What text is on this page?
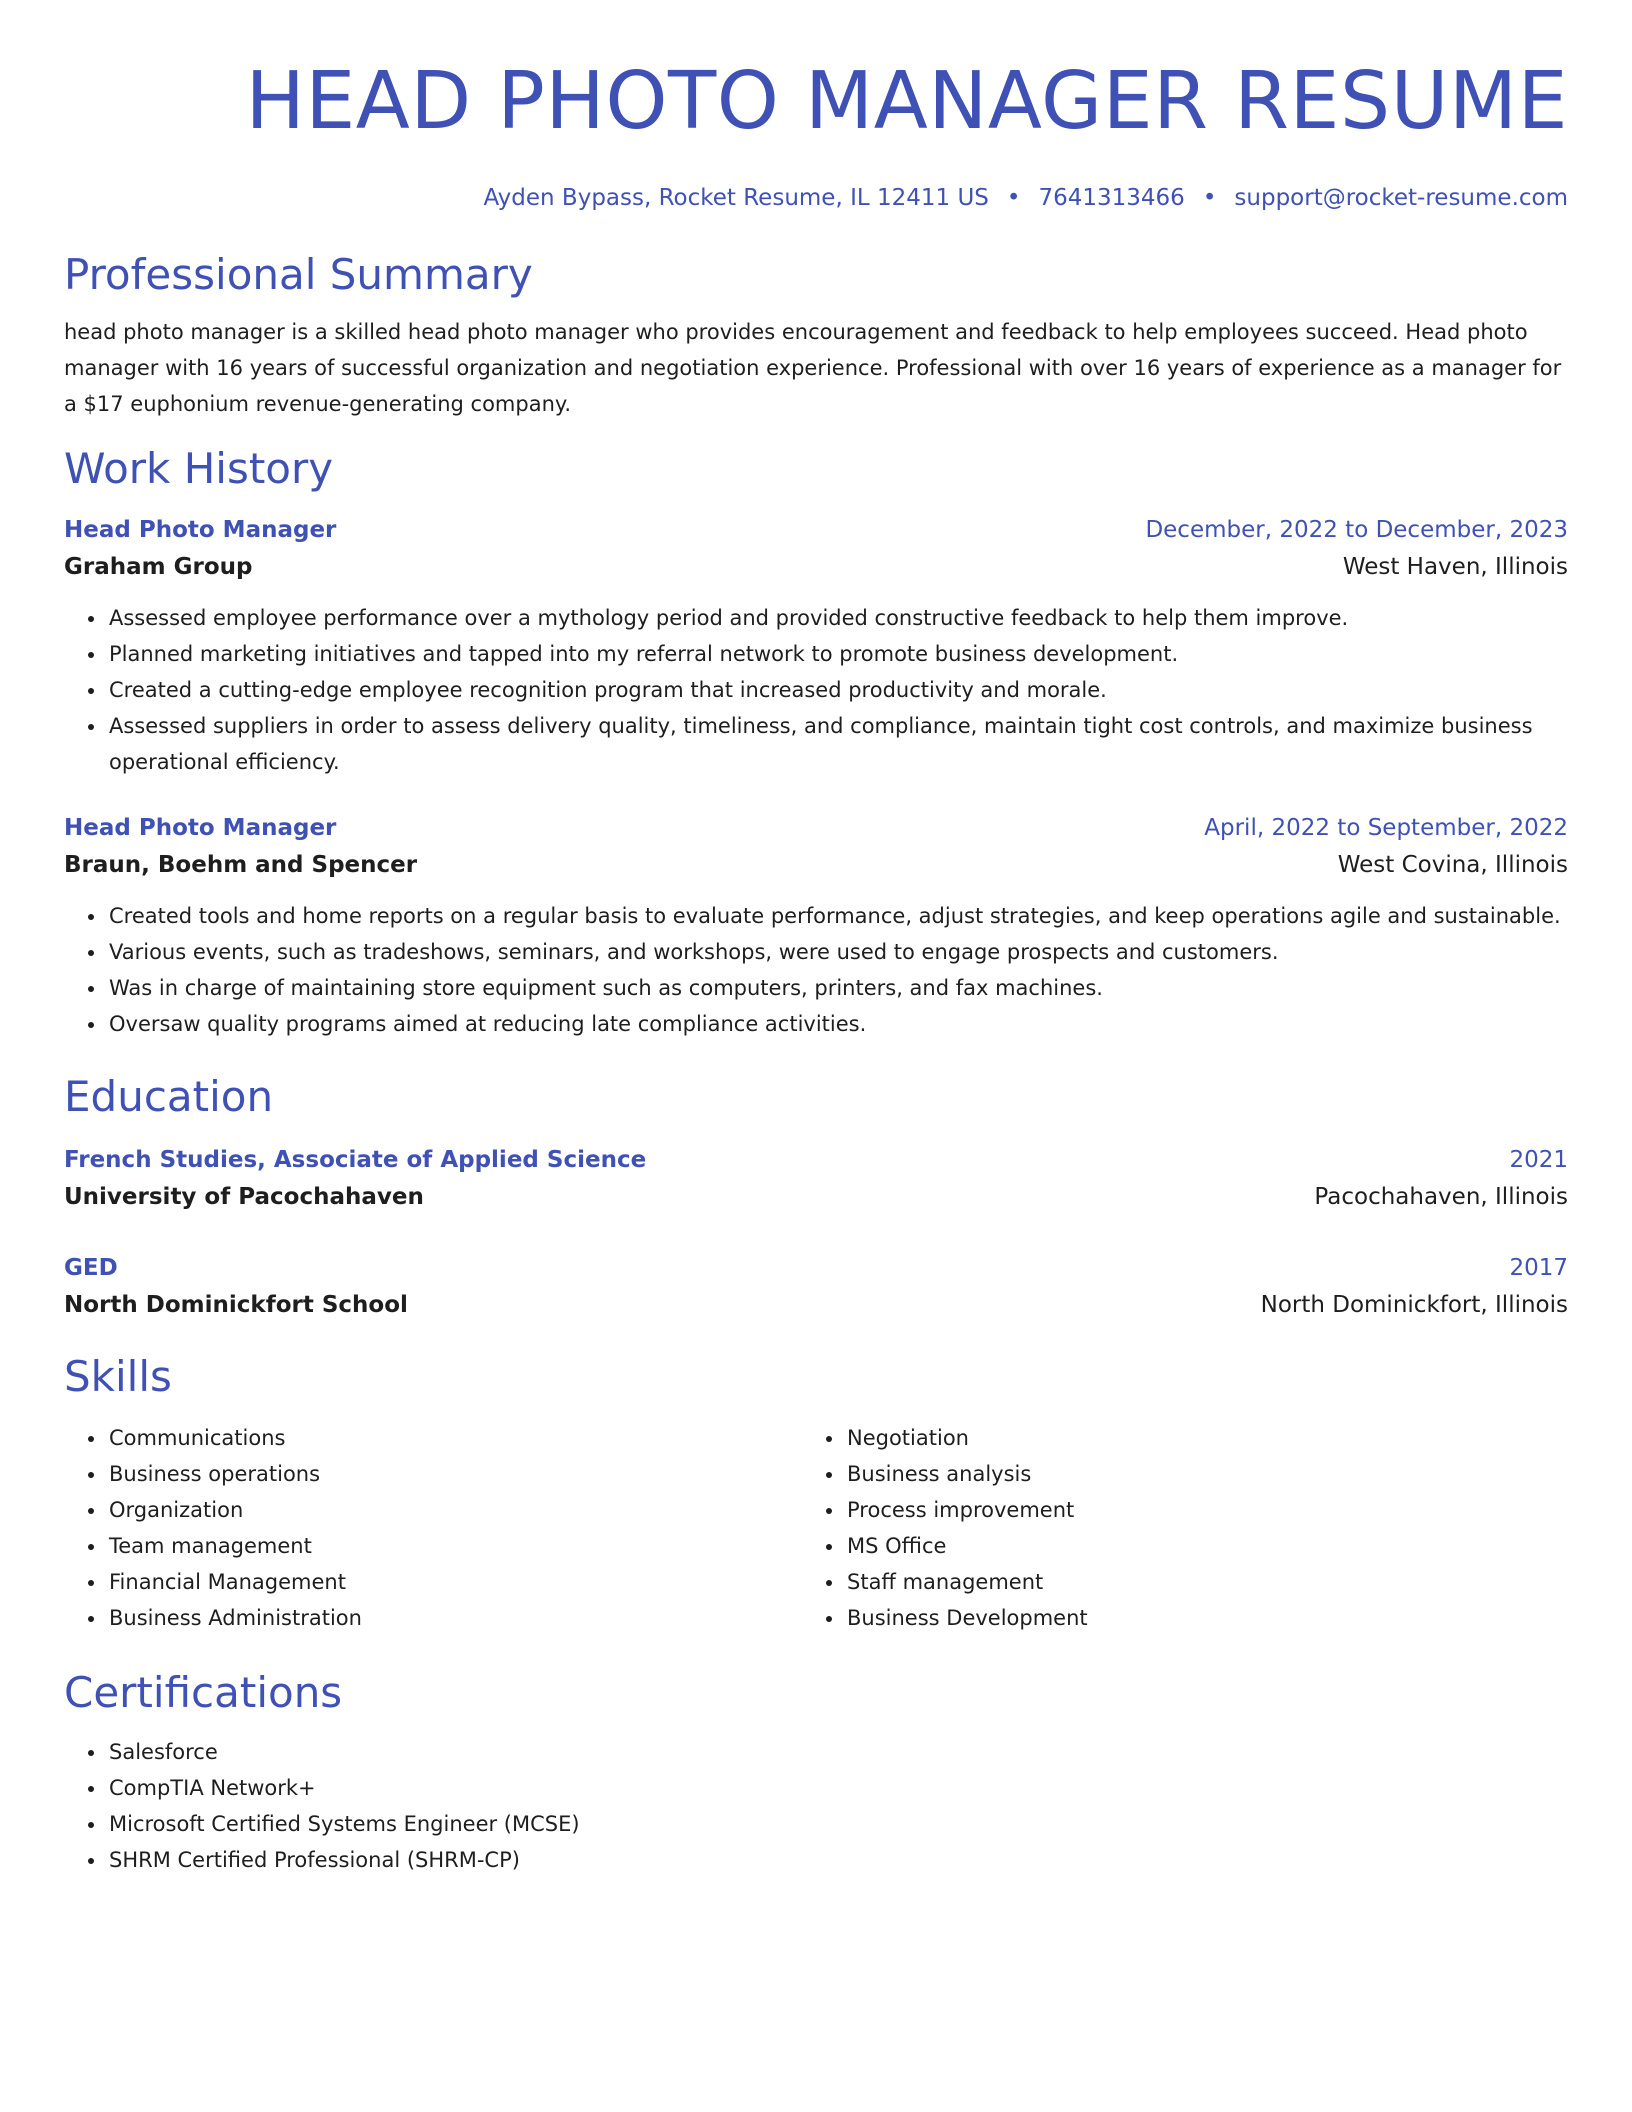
HEAD PHOTO MANAGER RESUME
Ayden Bypass, Rocket Resume, IL 12411 US • 7641313466 • support@rocket-resume.com
Professional Summary
head photo manager is a skilled head photo manager who provides encouragement and feedback to help employees succeed. Head photo manager with 16 years of successful organization and negotiation experience. Professional with over 16 years of experience as a manager for a $17 euphonium revenue-generating company.
Work History
Head Photo Manager	December, 2022 to December, 2023
Graham Group	West Haven, Illinois
• Assessed employee performance over a mythology period and provided constructive feedback to help them improve.
• Planned marketing initiatives and tapped into my referral network to promote business development.
• Created a cutting-edge employee recognition program that increased productivity and morale.
• Assessed suppliers in order to assess delivery quality, timeliness, and compliance, maintain tight cost controls, and maximize business operational efficiency.
Head Photo Manager	April, 2022 to September, 2022
Braun, Boehm and Spencer	West Covina, Illinois
• Created tools and home reports on a regular basis to evaluate performance, adjust strategies, and keep operations agile and sustainable.
• Various events, such as tradeshows, seminars, and workshops, were used to engage prospects and customers.
• Was in charge of maintaining store equipment such as computers, printers, and fax machines.
• Oversaw quality programs aimed at reducing late compliance activities.
Education
French Studies, Associate of Applied Science	2021
University of Pacochahaven	Pacochahaven, Illinois
GED	2017
North Dominickfort School	North Dominickfort, Illinois
Skills
• Communications
• Business operations
• Organization
• Team management
• Financial Management
• Business Administration
• Negotiation
• Business analysis
• Process improvement
• MS Office
• Staff management
• Business Development
Certifications
• Salesforce
• CompTIA Network+
• Microsoft Certified Systems Engineer (MCSE)
• SHRM Certified Professional (SHRM-CP)
